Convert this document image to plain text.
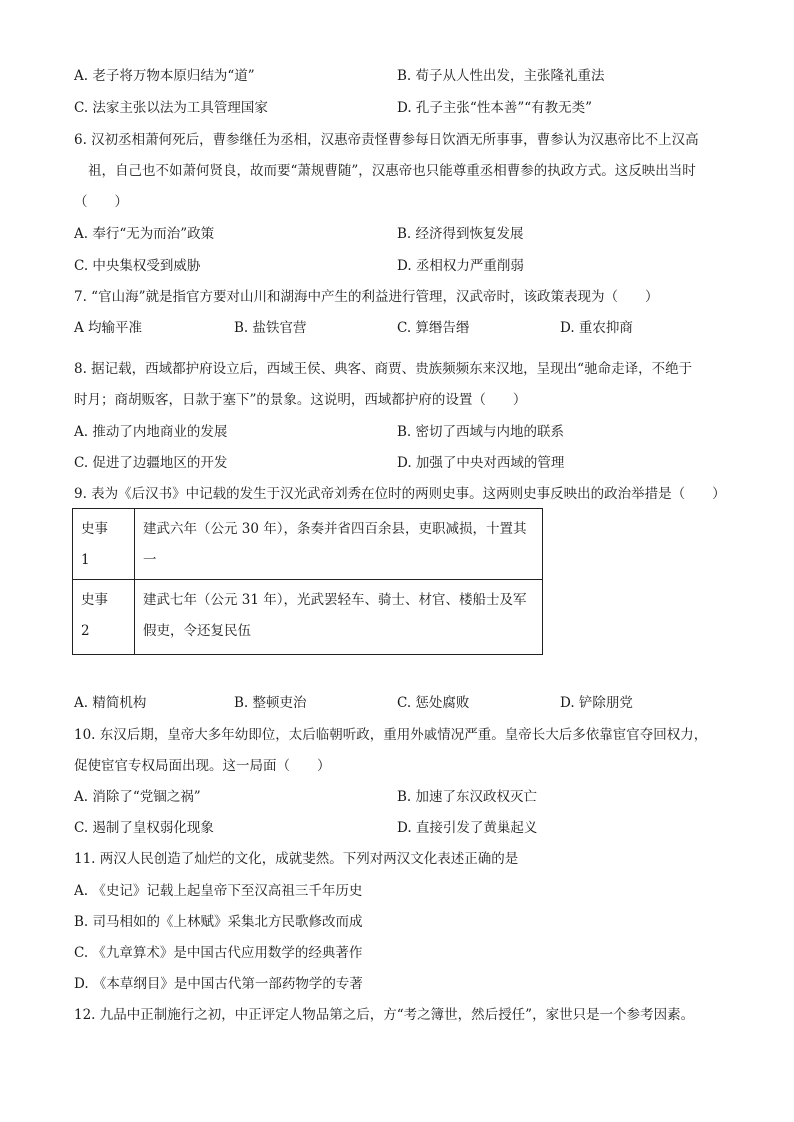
A. 老子将万物本原归结为“道”	B. 荀子从人性出发，主张隆礼重法
C. 法家主张以法为工具管理国家	D. 孔子主张“性本善”“有教无类”
6. 汉初丞相萧何死后，曹参继任为丞相，汉惠帝责怪曹参每日饮酒无所事事，曹参认为汉惠帝比不上汉高
祖，自己也不如萧何贤良，故而要“萧规曹随”，汉惠帝也只能尊重丞相曹参的执政方式。这反映出当时
（　　）
A. 奉行“无为而治”政策	B. 经济得到恢复发展
C. 中央集权受到威胁	D. 丞相权力严重削弱
7. “官山海”就是指官方要对山川和湖海中产生的利益进行管理，汉武帝时，该政策表现为（　　）
A 均输平准	B. 盐铁官营	C. 算缗告缗	D. 重农抑商
8. 据记载，西域都护府设立后，西域王侯、典客、商贾、贵族频频东来汉地，呈现出“驰命走译，不绝于
时月；商胡贩客，日款于塞下”的景象。这说明，西域都护府的设置（　　）
A. 推动了内地商业的发展	B. 密切了西域与内地的联系
C. 促进了边疆地区的开发	D. 加强了中央对西域的管理
9. 表为《后汉书》中记载的发生于汉光武帝刘秀在位时的两则史事。这两则史事反映出的政治举措是（　　）
史事
1	建武六年（公元 30 年），条奏并省四百余县，吏职减损，十置其一

史事
2	建武七年（公元 31 年），光武罢轻车、骑士、材官、楼船士及军假吏，令还复民伍
A. 精简机构	B. 整顿吏治	C. 惩处腐败	D. 铲除朋党
10. 东汉后期，皇帝大多年幼即位，太后临朝听政，重用外戚情况严重。皇帝长大后多依靠宦官夺回权力，
促使宦官专权局面出现。这一局面（　　）
A. 消除了“党锢之祸”	B. 加速了东汉政权灭亡
C. 遏制了皇权弱化现象	D. 直接引发了黄巢起义
11. 两汉人民创造了灿烂的文化，成就斐然。下列对两汉文化表述正确的是
A. 《史记》记载上起皇帝下至汉高祖三千年历史
B. 司马相如的《上林赋》采集北方民歌修改而成
C. 《九章算术》是中国古代应用数学的经典著作
D. 《本草纲目》是中国古代第一部药物学的专著
12. 九品中正制施行之初，中正评定人物品第之后，方“考之簿世，然后授任”，家世只是一个参考因素。
